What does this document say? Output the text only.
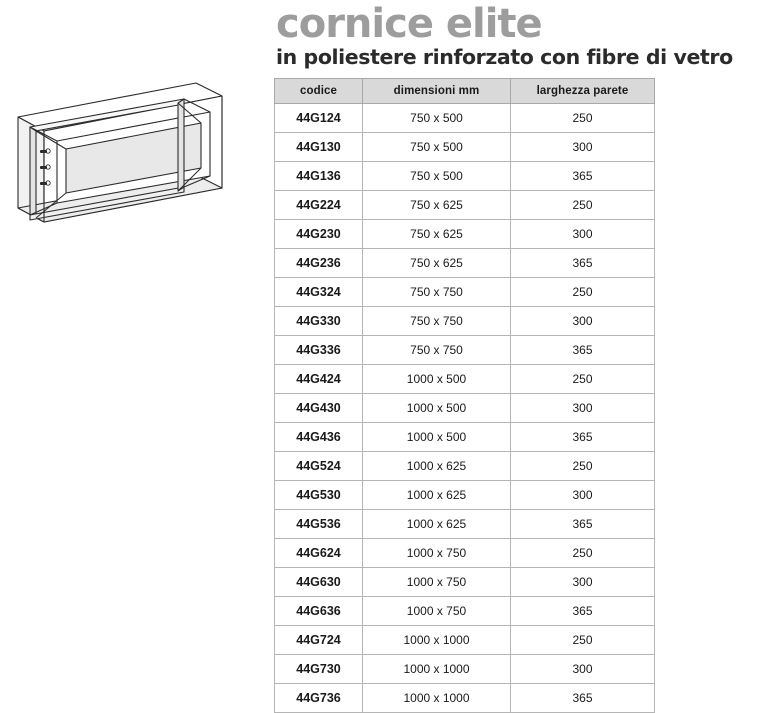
cornice elite
in poliestere rinforzato con fibre di vetro
codice	dimensioni mm	larghezza parete
44G124	750 x 500	250
44G130	750 x 500	300
44G136	750 x 500	365
44G224	750 x 625	250
44G230	750 x 625	300
44G236	750 x 625	365
44G324	750 x 750	250
44G330	750 x 750	300
44G336	750 x 750	365
44G424	1000 x 500	250
44G430	1000 x 500	300
44G436	1000 x 500	365
44G524	1000 x 625	250
44G530	1000 x 625	300
44G536	1000 x 625	365
44G624	1000 x 750	250
44G630	1000 x 750	300
44G636	1000 x 750	365
44G724	1000 x 1000	250
44G730	1000 x 1000	300
44G736	1000 x 1000	365
